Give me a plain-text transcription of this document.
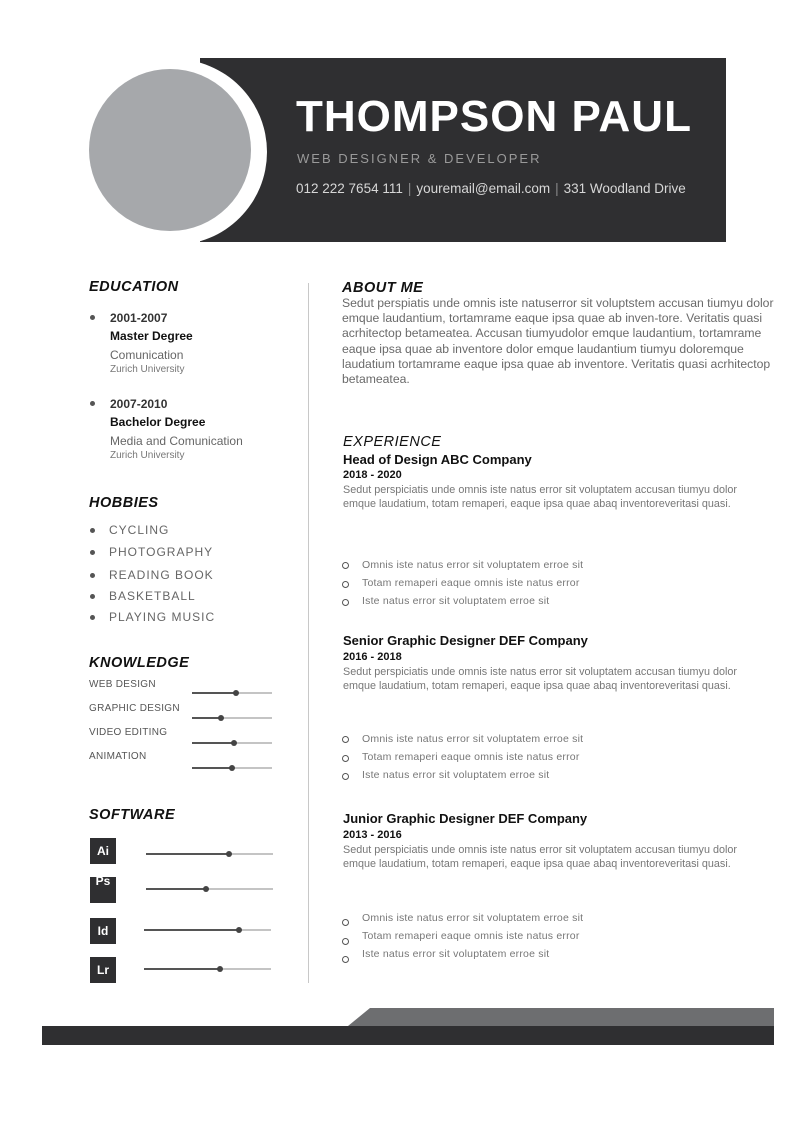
THOMPSON PAUL
WEB DESIGNER & DEVELOPER
012 222 7654 111 | youremail@email.com | 331 Woodland Drive
EDUCATION
2001-2007
Master Degree
Comunication
Zurich University
2007-2010
Bachelor Degree
Media and Comunication
Zurich University
HOBBIES
CYCLING
PHOTOGRAPHY
READING BOOK
BASKETBALL
PLAYING MUSIC
KNOWLEDGE
WEB DESIGN
GRAPHIC DESIGN
VIDEO EDITING
ANIMATION
SOFTWARE
Ai
Ps
Id
Lr
ABOUT ME
Sedut perspiatis unde omnis iste natuserror sit voluptstem accusan tiumyu dolor emque laudantium, tortamrame eaque ipsa quae ab inven-tore. Veritatis quasi acrhitectop betameatea. Accusan tiumyudolor emque laudantium, tortamrame eaque ipsa quae ab inventore dolor emque laudantium tiumyu doloremque laudatium tortamrame eaque ipsa quae ab inventore. Veritatis quasi acrhitectop betameatea.
EXPERIENCE
Head of Design ABC Company
2018 - 2020
Sedut perspiciatis unde omnis iste natus error sit voluptatem accusan tiumyu dolor emque laudatium, totam remaperi, eaque ipsa quae abaq inventoreveritasi quasi.
Omnis iste natus error sit voluptatem erroe sit
Totam remaperi eaque omnis iste natus error
Iste natus error sit voluptatem erroe sit
Senior Graphic Designer DEF Company
2016 - 2018
Sedut perspiciatis unde omnis iste natus error sit voluptatem accusan tiumyu dolor emque laudatium, totam remaperi, eaque ipsa quae abaq inventoreveritasi quasi.
Omnis iste natus error sit voluptatem erroe sit
Totam remaperi eaque omnis iste natus error
Iste natus error sit voluptatem erroe sit
Junior Graphic Designer DEF Company
2013 - 2016
Sedut perspiciatis unde omnis iste natus error sit voluptatem accusan tiumyu dolor emque laudatium, totam remaperi, eaque ipsa quae abaq inventoreveritasi quasi.
Omnis iste natus error sit voluptatem erroe sit
Totam remaperi eaque omnis iste natus error
Iste natus error sit voluptatem erroe sit
